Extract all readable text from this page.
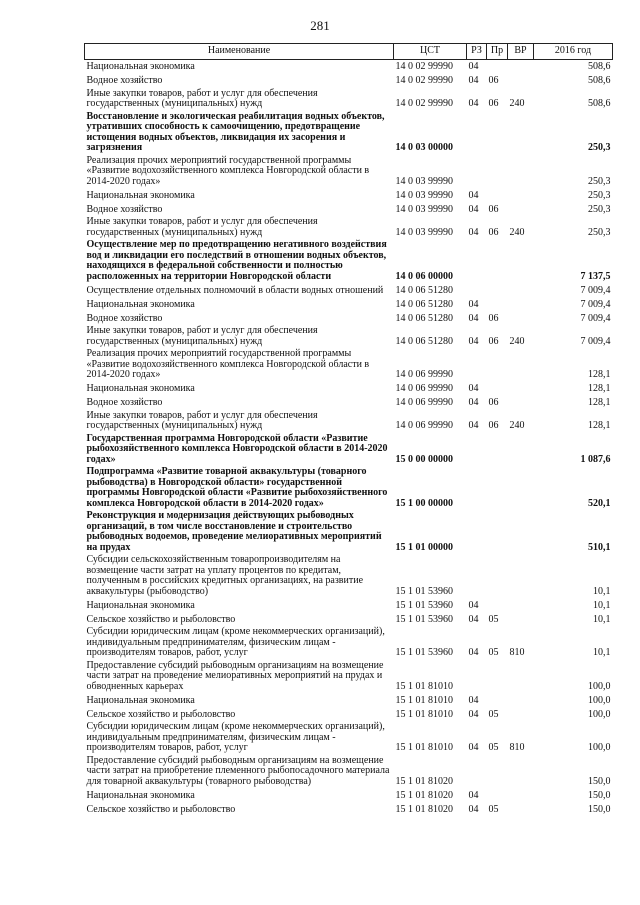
281
Наименование	ЦСТ	РЗ	Пр	ВР	2016 год
Национальная экономика	14 0 02 99990	04			508,6
Водное хозяйство	14 0 02 99990	04	06		508,6
Иные закупки товаров, работ и услуг для обеспечения государственных (муниципальных) нужд	14 0 02 99990	04	06	240	508,6
Восстановление и экологическая реабилитация водных объектов, утративших способность к самоочищению, предотвращение истощения водных объектов, ликвидация их засорения и загрязнения	14 0 03 00000				250,3
Реализация прочих мероприятий государственной программы «Развитие водохозяйственного комплекса Новгородской области в 2014-2020 годах»	14 0 03 99990				250,3
Национальная экономика	14 0 03 99990	04			250,3
Водное хозяйство	14 0 03 99990	04	06		250,3
Иные закупки товаров, работ и услуг для обеспечения государственных (муниципальных) нужд	14 0 03 99990	04	06	240	250,3
Осуществление мер по предотвращению негативного воздействия вод и ликвидации его последствий в отношении водных объектов, находящихся в федеральной собственности и полностью расположенных на территории Новгородской области	14 0 06 00000				7 137,5
Осуществление отдельных полномочий в области водных отношений	14 0 06 51280				7 009,4
Национальная экономика	14 0 06 51280	04			7 009,4
Водное хозяйство	14 0 06 51280	04	06		7 009,4
Иные закупки товаров, работ и услуг для обеспечения государственных (муниципальных) нужд	14 0 06 51280	04	06	240	7 009,4
Реализация прочих мероприятий государственной программы «Развитие водохозяйственного комплекса Новгородской области в 2014-2020 годах»	14 0 06 99990				128,1
Национальная экономика	14 0 06 99990	04			128,1
Водное хозяйство	14 0 06 99990	04	06		128,1
Иные закупки товаров, работ и услуг для обеспечения государственных (муниципальных) нужд	14 0 06 99990	04	06	240	128,1
Государственная программа Новгородской области «Развитие рыбохозяйственного комплекса Новгородской области в 2014-2020 годах»	15 0 00 00000				1 087,6
Подпрограмма «Развитие товарной аквакультуры (товарного рыбоводства) в Новгородской области» государственной программы Новгородской области «Развитие рыбохозяйственного комплекса Новгородской области в 2014-2020 годах»	15 1 00 00000				520,1
Реконструкция и модернизация действующих рыбоводных организаций, в том числе восстановление и строительство рыбоводных водоемов, проведение мелиоративных мероприятий на прудах	15 1 01 00000				510,1
Субсидии сельскохозяйственным товаропроизводителям на возмещение части затрат на уплату процентов по кредитам, полученным в российских кредитных организациях, на развитие аквакультуры (рыбоводство)	15 1 01 53960				10,1
Национальная экономика	15 1 01 53960	04			10,1
Сельское хозяйство и рыболовство	15 1 01 53960	04	05		10,1
Субсидии юридическим лицам (кроме некоммерческих организаций), индивидуальным предпринимателям, физическим лицам - производителям товаров, работ, услуг	15 1 01 53960	04	05	810	10,1
Предоставление субсидий рыбоводным организациям на возмещение части затрат на проведение мелиоративных мероприятий на прудах и обводненных карьерах	15 1 01 81010				100,0
Национальная экономика	15 1 01 81010	04			100,0
Сельское хозяйство и рыболовство	15 1 01 81010	04	05		100,0
Субсидии юридическим лицам (кроме некоммерческих организаций), индивидуальным предпринимателям, физическим лицам - производителям товаров, работ, услуг	15 1 01 81010	04	05	810	100,0
Предоставление субсидий рыбоводным организациям на возмещение части затрат на приобретение племенного рыбопосадочного материала для товарной аквакультуры (товарного рыбоводства)	15 1 01 81020				150,0
Национальная экономика	15 1 01 81020	04			150,0
Сельское хозяйство и рыболовство	15 1 01 81020	04	05		150,0
